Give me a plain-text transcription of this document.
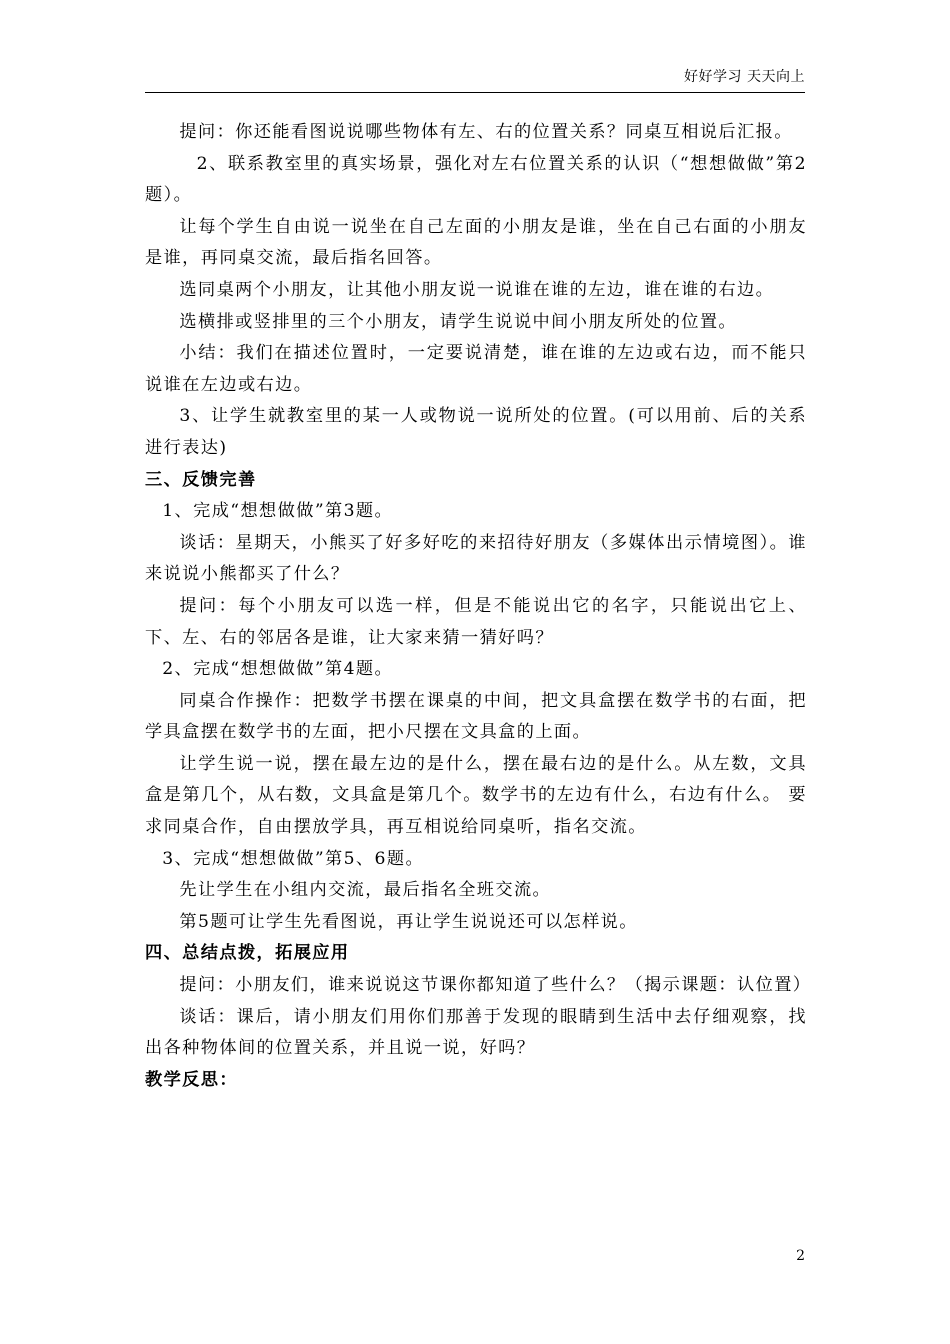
好好学习 天天向上

提问：你还能看图说说哪些物体有左、右的位置关系？同桌互相说后汇报。

2、联系教室里的真实场景，强化对左右位置关系的认识（“想想做做”第2题）。

让每个学生自由说一说坐在自己左面的小朋友是谁，坐在自己右面的小朋友是谁，再同桌交流，最后指名回答。

选同桌两个小朋友，让其他小朋友说一说谁在谁的左边，谁在谁的右边。

选横排或竖排里的三个小朋友，请学生说说中间小朋友所处的位置。

小结：我们在描述位置时，一定要说清楚，谁在谁的左边或右边，而不能只说谁在左边或右边。

3、让学生就教室里的某一人或物说一说所处的位置。(可以用前、后的关系进行表达)

三、反馈完善

1、完成“想想做做”第3题。

谈话：星期天，小熊买了好多好吃的来招待好朋友（多媒体出示情境图）。谁来说说小熊都买了什么？

提问：每个小朋友可以选一样，但是不能说出它的名字，只能说出它上、下、左、右的邻居各是谁，让大家来猜一猜好吗？

2、完成“想想做做”第4题。

同桌合作操作：把数学书摆在课桌的中间，把文具盒摆在数学书的右面，把学具盒摆在数学书的左面，把小尺摆在文具盒的上面。

让学生说一说，摆在最左边的是什么，摆在最右边的是什么。从左数，文具盒是第几个，从右数，文具盒是第几个。数学书的左边有什么，右边有什么。 要求同桌合作，自由摆放学具，再互相说给同桌听，指名交流。

3、完成“想想做做”第5、6题。

先让学生在小组内交流，最后指名全班交流。

第5题可让学生先看图说，再让学生说说还可以怎样说。

四、总结点拨，拓展应用

提问：小朋友们，谁来说说这节课你都知道了些什么？（揭示课题：认位置）

谈话：课后，请小朋友们用你们那善于发现的眼睛到生活中去仔细观察，找出各种物体间的位置关系，并且说一说，好吗？

教学反思：

2
